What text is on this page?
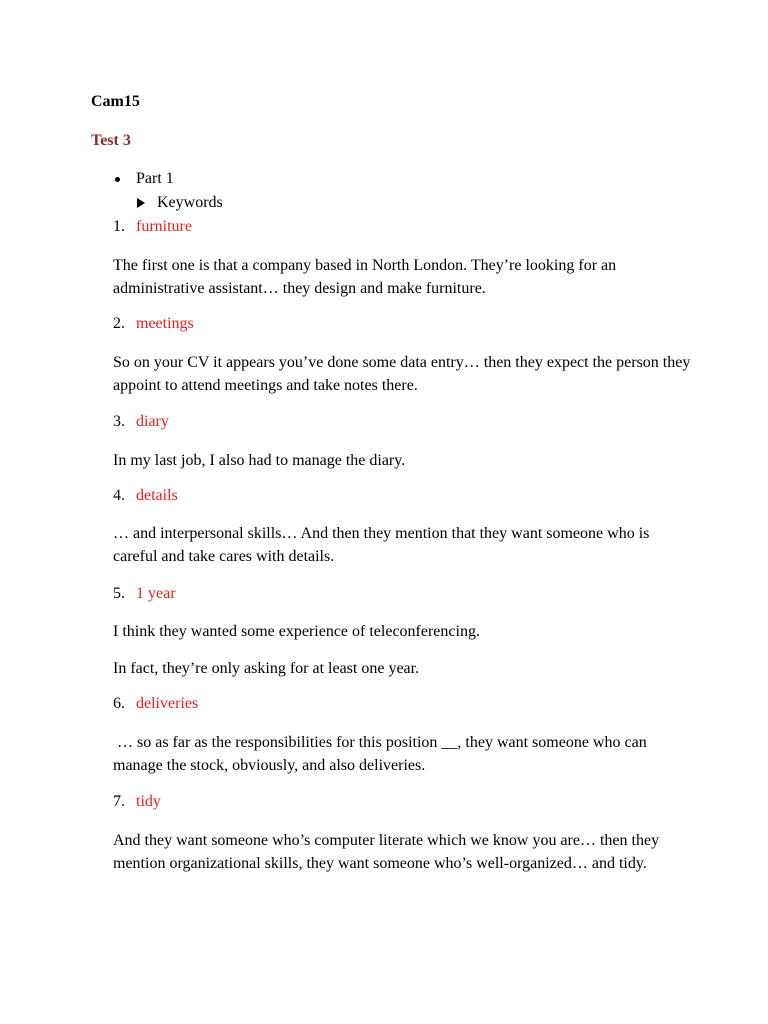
Cam15
Test 3
Part 1
Keywords
1. furniture
The first one is that a company based in North London. They’re looking for an administrative assistant… they design and make furniture.
2. meetings
So on your CV it appears you’ve done some data entry… then they expect the person they appoint to attend meetings and take notes there.
3. diary
In my last job, I also had to manage the diary.
4. details
… and interpersonal skills… And then they mention that they want someone who is careful and take cares with details.
5. 1 year
I think they wanted some experience of teleconferencing.
In fact, they’re only asking for at least one year.
6. deliveries
… so as far as the responsibilities for this position __, they want someone who can manage the stock, obviously, and also deliveries.
7. tidy
And they want someone who’s computer literate which we know you are… then they mention organizational skills, they want someone who’s well-organized… and tidy.
